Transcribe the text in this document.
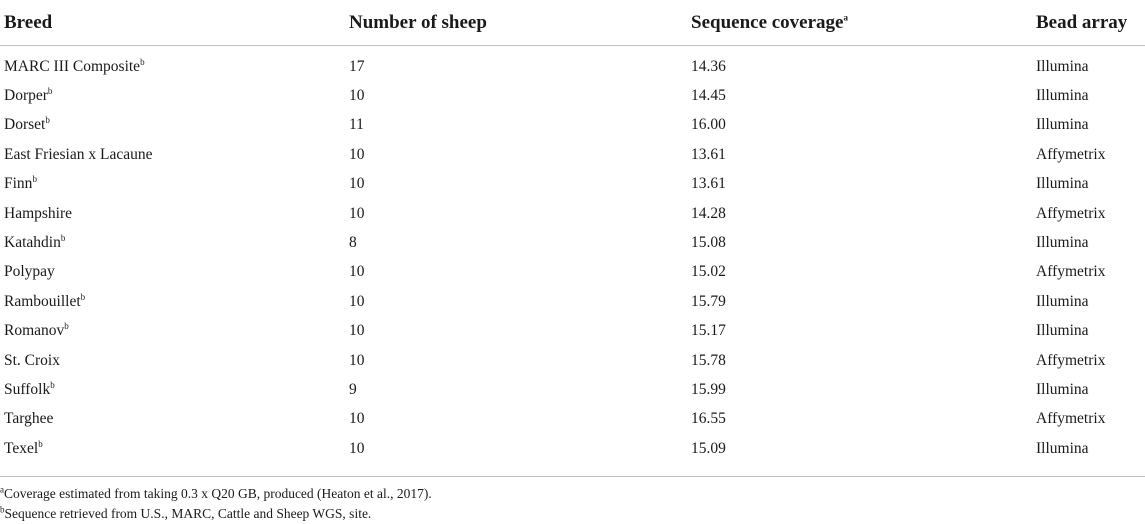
Breed	Number of sheep	Sequence coverage$^a$	Bead array
MARC III Composite$^b$	17	14.36	Illumina
Dorper$^b$	10	14.45	Illumina
Dorset$^b$	11	16.00	Illumina
East Friesian x Lacaune	10	13.61	Affymetrix
Finn$^b$	10	13.61	Illumina
Hampshire	10	14.28	Affymetrix
Katahdin$^b$	8	15.08	Illumina
Polypay	10	15.02	Affymetrix
Rambouillet$^b$	10	15.79	Illumina
Romanov$^b$	10	15.17	Illumina
St. Croix	10	15.78	Affymetrix
Suffolk$^b$	9	15.99	Illumina
Targhee	10	16.55	Affymetrix
Texel$^b$	10	15.09	Illumina
$^a$Coverage estimated from taking 0.3 x Q20 GB, produced (Heaton et al., 2017).
$^b$Sequence retrieved from U.S., MARC, Cattle and Sheep WGS, site.
